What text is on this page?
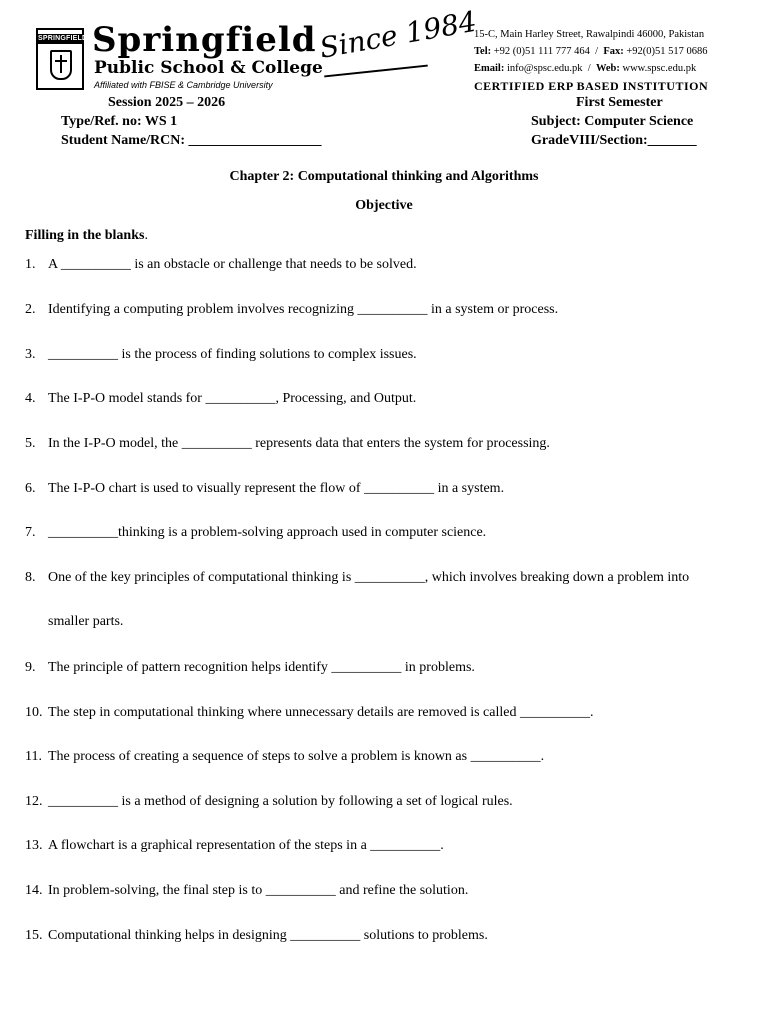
SPRINGFIELD Springfield
Public School & College
Affiliated with FBISE & Cambridge University
Since 1984
15-C, Main Harley Street, Rawalpindi 46000, Pakistan
Tel: +92 (0)51 111 777 464  /  Fax: +92(0)51 517 0686
Email: info@spsc.edu.pk  /  Web: www.spsc.edu.pk
CERTIFIED ERP BASED INSTITUTION
Session 2025 – 2026	First Semester
Type/Ref. no: WS 1	Subject: Computer Science
Student Name/RCN: ___________________	GradeVIII/Section:_______
Chapter 2: Computational thinking and Algorithms
Objective
Filling in the blanks.
1. A __________ is an obstacle or challenge that needs to be solved.
2. Identifying a computing problem involves recognizing __________ in a system or process.
3. __________ is the process of finding solutions to complex issues.
4. The I-P-O model stands for __________, Processing, and Output.
5. In the I-P-O model, the __________ represents data that enters the system for processing.
6. The I-P-O chart is used to visually represent the flow of __________ in a system.
7. __________thinking is a problem-solving approach used in computer science.
8. One of the key principles of computational thinking is __________, which involves breaking down a problem into
smaller parts.
9. The principle of pattern recognition helps identify __________ in problems.
10. The step in computational thinking where unnecessary details are removed is called __________.
11. The process of creating a sequence of steps to solve a problem is known as __________.
12. __________ is a method of designing a solution by following a set of logical rules.
13. A flowchart is a graphical representation of the steps in a __________.
14. In problem-solving, the final step is to __________ and refine the solution.
15. Computational thinking helps in designing __________ solutions to problems.
